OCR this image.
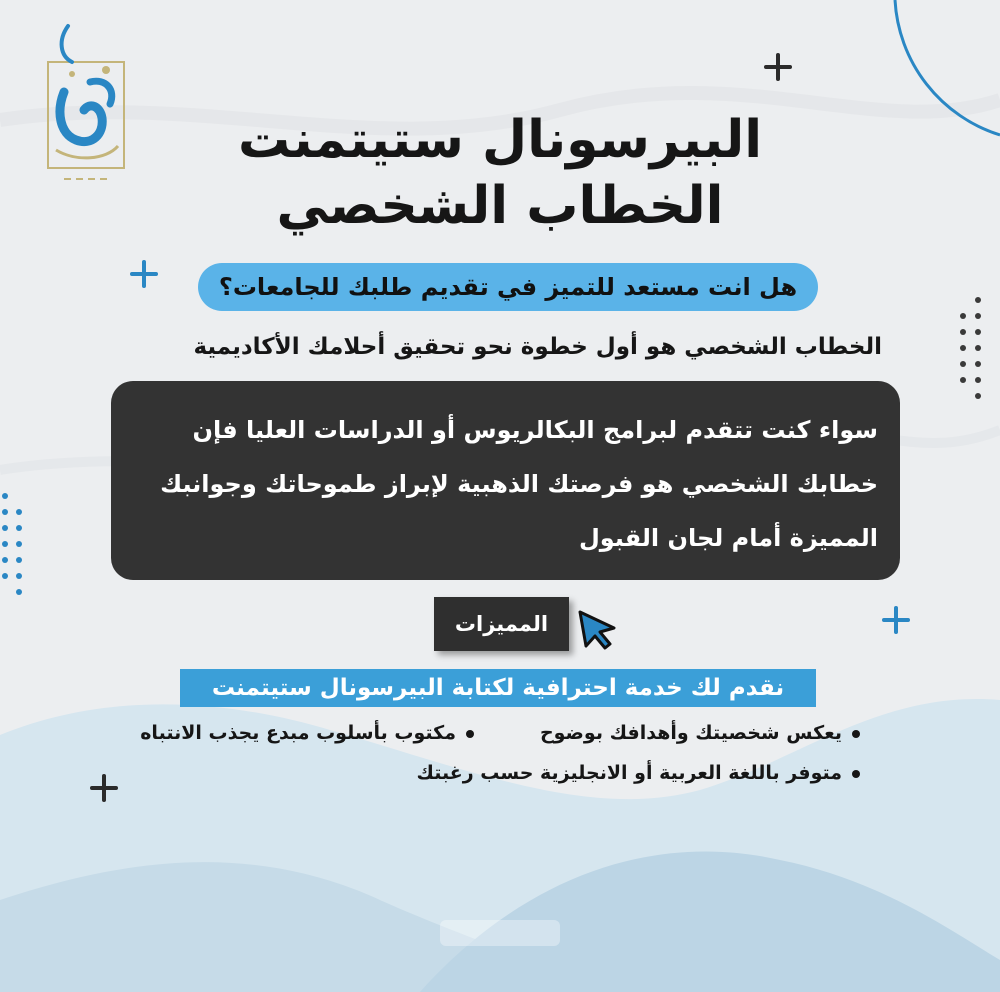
البيرسونال ستيتمنت
الخطاب الشخصي
هل انت مستعد للتميز في تقديم طلبك للجامعات؟
الخطاب الشخصي هو أول خطوة نحو تحقيق أحلامك الأكاديمية
سواء كنت تتقدم لبرامج البكالريوس أو الدراسات العليا فإن
خطابك الشخصي هو فرصتك الذهبية لإبراز طموحاتك وجوانبك
المميزة أمام لجان القبول
المميزات
نقدم لك خدمة احترافية لكتابة البيرسونال ستيتمنت
يعكس شخصيتك وأهدافك بوضوح
مكتوب بأسلوب مبدع يجذب الانتباه
متوفر باللغة العربية أو الانجليزية حسب رغبتك
